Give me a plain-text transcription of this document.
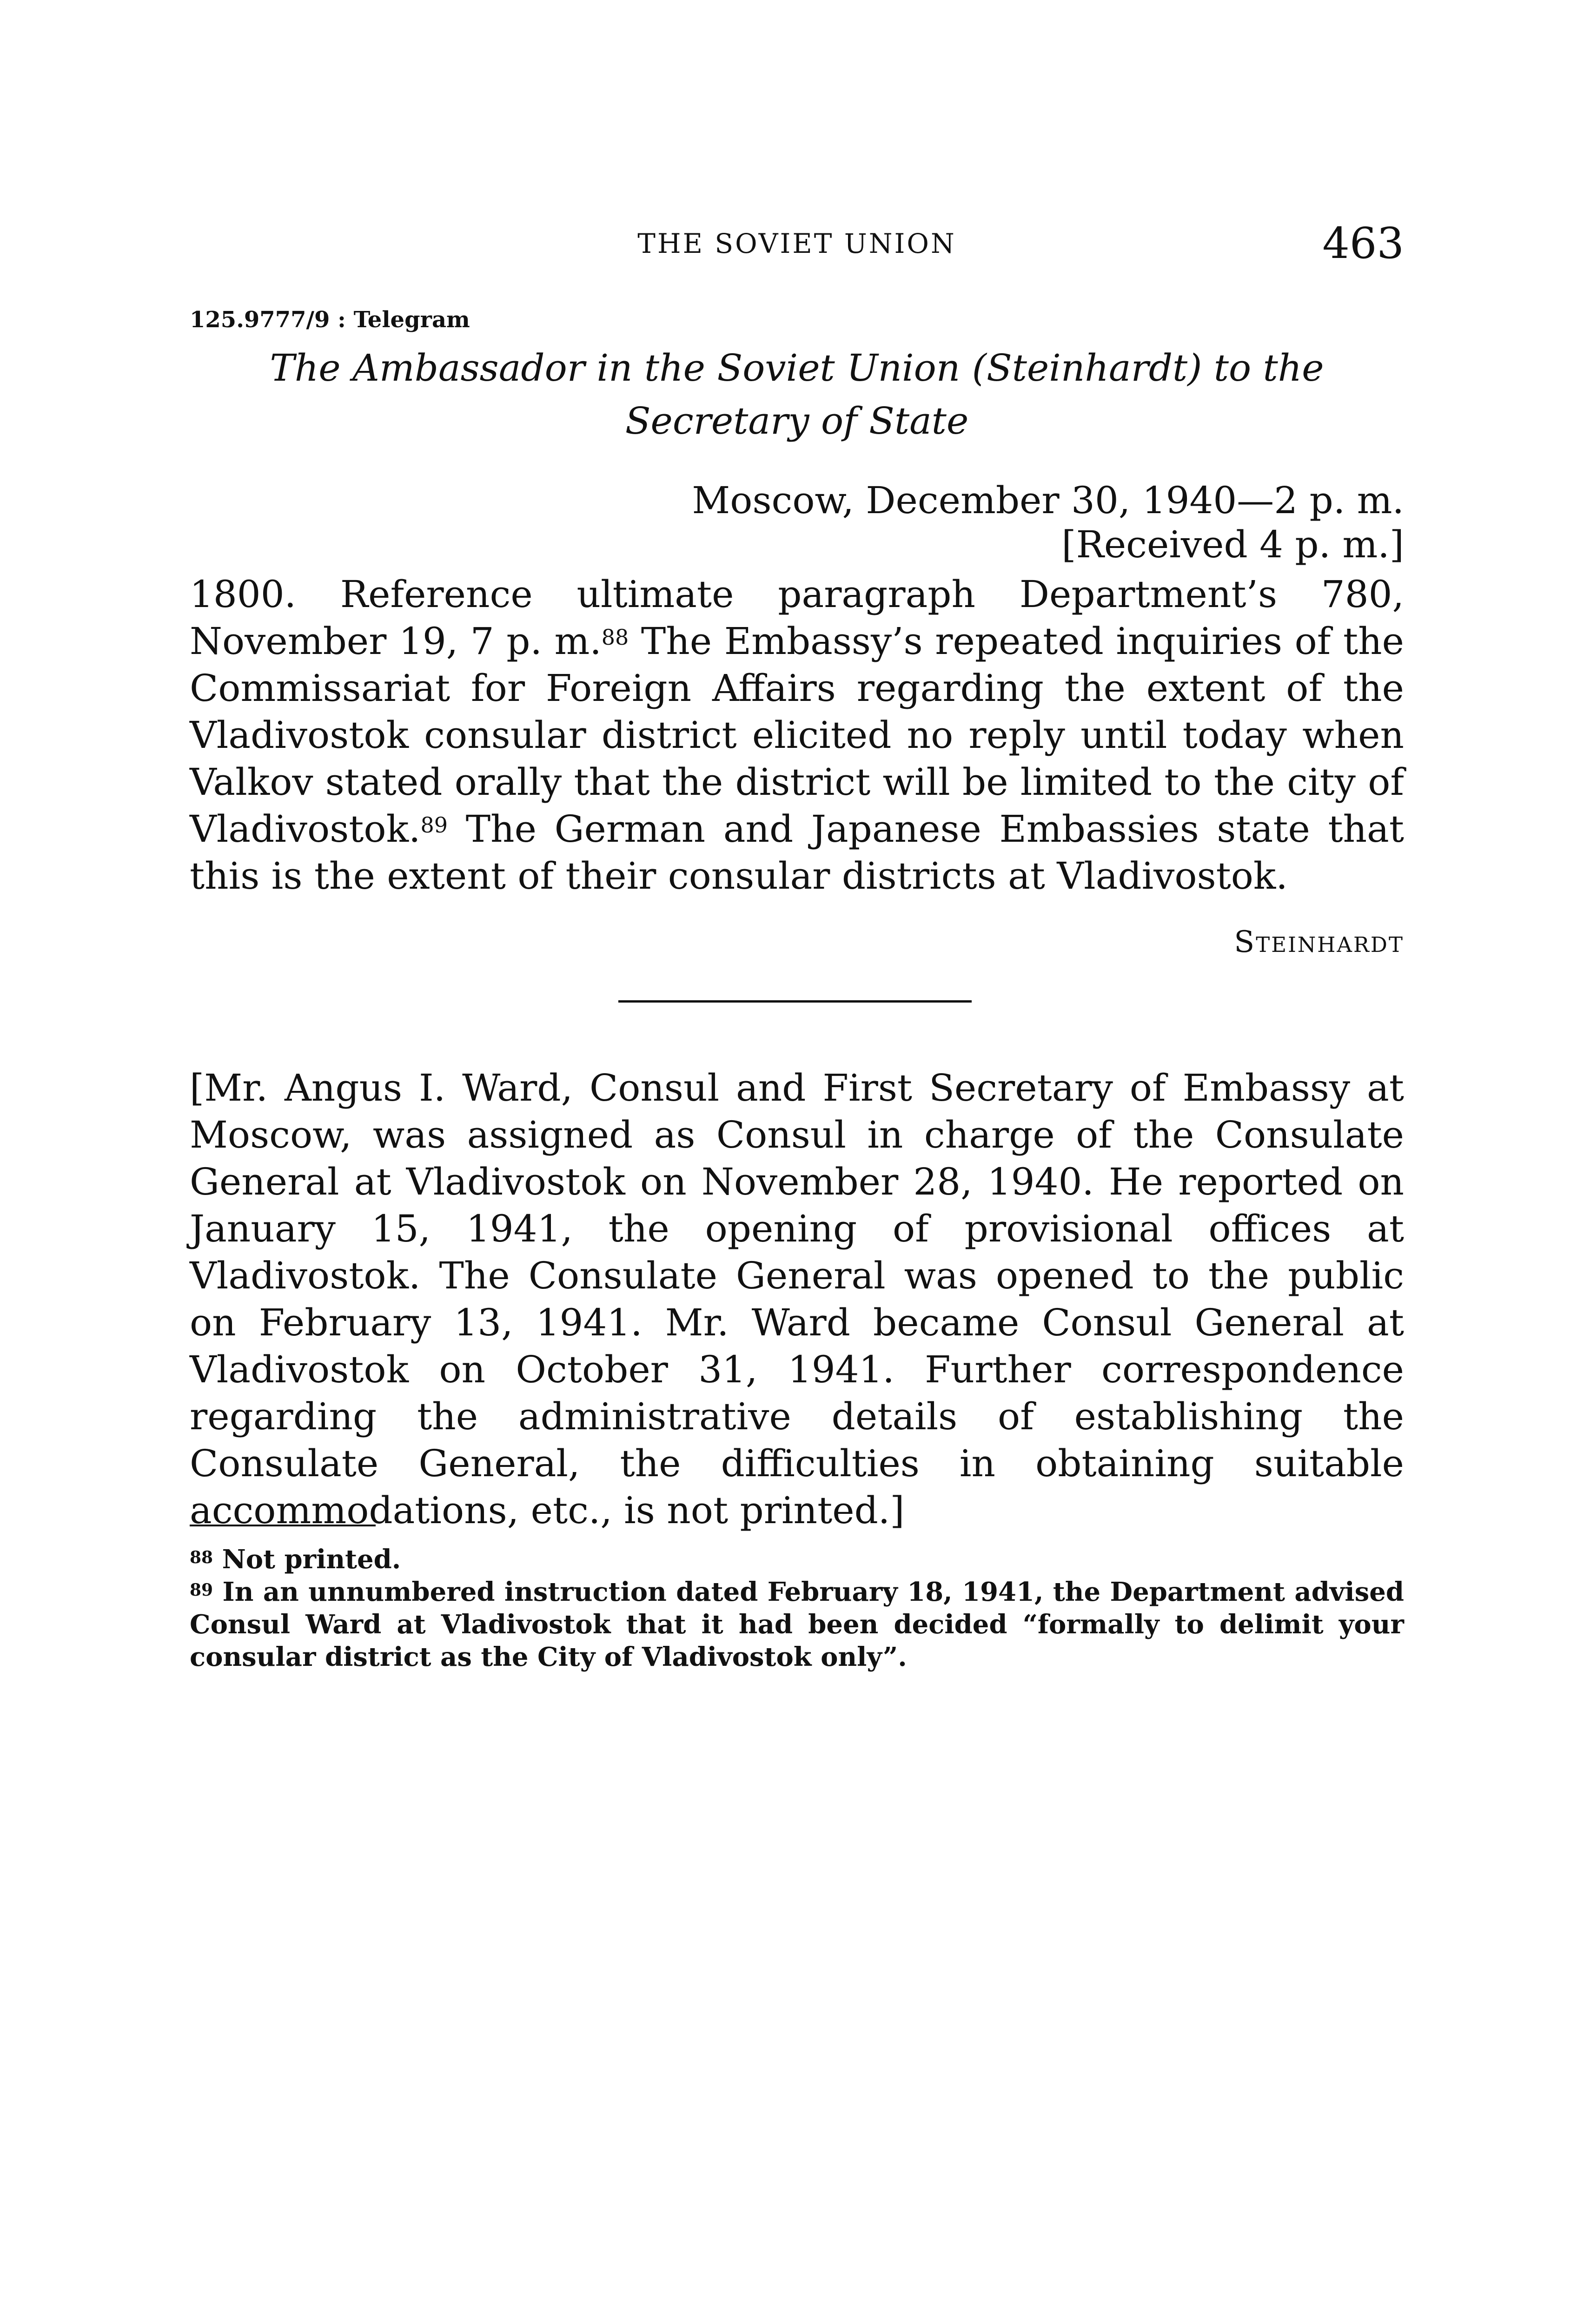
THE SOVIET UNION	463
125.9777/9 : Telegram
The Ambassador in the Soviet Union (Steinhardt) to the Secretary of State
Moscow, December 30, 1940—2 p. m.
[Received 4 p. m.]

1800. Reference ultimate paragraph Department’s 780, November 19, 7 p. m.$^{88}$ The Embassy’s repeated inquiries of the Commissariat for Foreign Affairs regarding the extent of the Vladivostok consular district elicited no reply until today when Valkov stated orally that the district will be limited to the city of Vladivostok.$^{89}$ The German and Japanese Embassies state that this is the extent of their consular districts at Vladivostok.

Steinhardt

[Mr. Angus I. Ward, Consul and First Secretary of Embassy at Moscow, was assigned as Consul in charge of the Consulate General at Vladivostok on November 28, 1940. He reported on January 15, 1941, the opening of provisional offices at Vladivostok. The Consulate General was opened to the public on February 13, 1941. Mr. Ward became Consul General at Vladivostok on October 31, 1941. Further correspondence regarding the administrative details of establishing the Consulate General, the difficulties in obtaining suitable accommodations, etc., is not printed.]

$^{88}$ Not printed.

$^{89}$ In an unnumbered instruction dated February 18, 1941, the Department advised Consul Ward at Vladivostok that it had been decided “formally to delimit your consular district as the City of Vladivostok only”.
